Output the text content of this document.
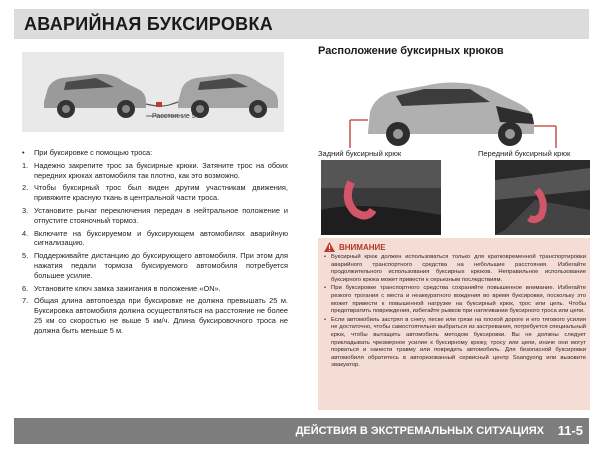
АВАРИЙНАЯ БУКСИРОВКА
Расстояние 5 м
•	При буксировке с помощью троса:
1. Надежно закрепите трос за буксирные крюки. Затяните трос на обоих передних крюках автомобиля так плотно, как это возможно.
2. Чтобы буксирный трос был виден другим участникам движения, привяжите красную ткань в центральной части троса.
3. Установите рычаг переключения передач в нейтральное положение и отпустите стояночный тормоз.
4. Включите на буксируемом и буксирующем автомобилях аварийную сигнализацию.
5. Поддерживайте дистанцию до буксирующего автомобиля. При этом для нажатия педали тормоза буксируемого автомобиля потребуется большее усилие.
6. Установите ключ замка зажигания в положение «ON».
7. Общая длина автопоезда при буксировке не должна превышать 25 м. Буксировка автомобиля должна осуществляться на расстояние не более 25 км со скоростью не выше 5 км/ч. Длина буксировочного троса не должна быть меньше 5 м.
Расположение буксирных крюков
Задний буксирный крюк	Передний буксирный крюк
ВНИМАНИЕ
• Буксирный крюк должен использоваться только для кратковременной транспортировки аварийного транспортного средства на небольшие расстояния. Избегайте продолжительного использования буксирных крюков. Неправильное использование буксирного крюка может привести к серьезным последствиям.
• При буксировке транспортного средства сохраняйте повышенное внимание. Избегайте резкого трогания с места и неаккуратного вождения во время буксировки, поскольку это может привести к повышенной нагрузке на буксирный крюк, трос или цепь. Чтобы предотвратить повреждения, избегайте рывков при натягивании буксирного троса или цепи.
• Если автомобиль застрял в снегу, песке или грязи на плохой дороге и его тягового усилия не достаточно, чтобы самостоятельно выбраться из застревания, потребуется специальный крюк, чтобы вытащить автомобиль методом буксировки. Вы не должны следует прикладывать чрезмерное усилие к буксирному крюку, тросу или цепи, иначе они могут порваться и нанести травму или повредить автомобиль. Для безопасной буксировки автомобиля обратитесь в авторизованный сервисный центр Ssangyong или вызовите эвакуатор.
ДЕЙСТВИЯ В ЭКСТРЕМАЛЬНЫХ СИТУАЦИЯХ 11-5
